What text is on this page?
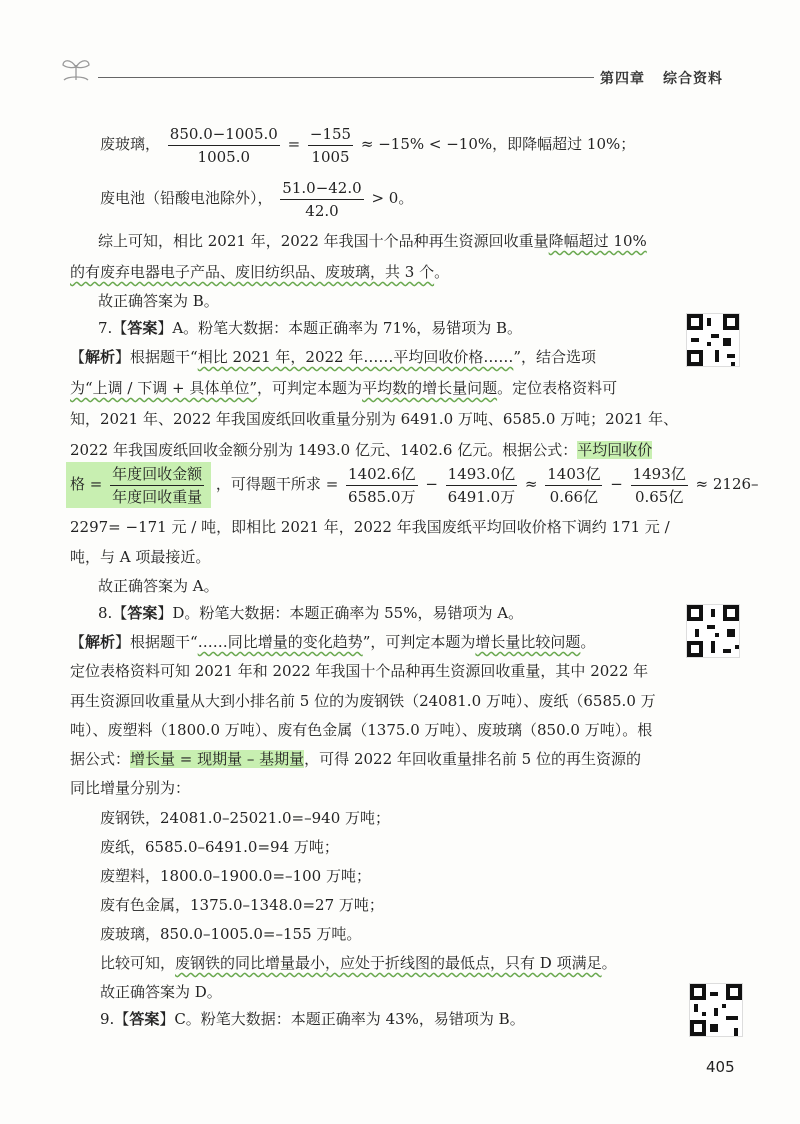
第四章 综合资料
废玻璃， $\frac{850.0-1005.0}{1005.0} = \frac{-155}{1005} \approx -15\% < -10\%$，即降幅超过 10%；
废电池（铅酸电池除外）， $\frac{51.0-42.0}{42.0} > 0$。
综上可知，相比 2021 年，2022 年我国十个品种再生资源回收重量降幅超过 10%
的有废弃电器电子产品、废旧纺织品、废玻璃，共 3 个。
故正确答案为 B。
7.【答案】A。粉笔大数据：本题正确率为 71%，易错项为 B。
【解析】根据题干“相比 2021 年，2022 年……平均回收价格……”，结合选项
为“上调 / 下调 + 具体单位”，可判定本题为平均数的增长量问题。定位表格资料可
知，2021 年、2022 年我国废纸回收重量分别为 6491.0 万吨、6585.0 万吨；2021 年、
2022 年我国废纸回收金额分别为 1493.0 亿元、1402.6 亿元。根据公式：平均回收价
格 = $\frac{\text{年度回收金额}}{\text{年度回收重量}}$ ，可得题干所求 = $\frac{\text{1402.6亿}}{\text{6585.0万}} - \frac{\text{1493.0亿}}{\text{6491.0万}} \approx \frac{\text{1403亿}}{\text{0.66亿}} - \frac{\text{1493亿}}{\text{0.65亿}} \approx 2126-$
2297= −171 元 / 吨，即相比 2021 年，2022 年我国废纸平均回收价格下调约 171 元 /
吨，与 A 项最接近。
故正确答案为 A。
8.【答案】D。粉笔大数据：本题正确率为 55%，易错项为 A。
【解析】根据题干“……同比增量的变化趋势”，可判定本题为增长量比较问题。
定位表格资料可知 2021 年和 2022 年我国十个品种再生资源回收重量，其中 2022 年
再生资源回收重量从大到小排名前 5 位的为废钢铁（24081.0 万吨）、废纸（6585.0 万
吨）、废塑料（1800.0 万吨）、废有色金属（1375.0 万吨）、废玻璃（850.0 万吨）。根
据公式：增长量 = 现期量 – 基期量，可得 2022 年回收重量排名前 5 位的再生资源的
同比增量分别为：
废钢铁，24081.0–25021.0=–940 万吨；
废纸，6585.0–6491.0=94 万吨；
废塑料，1800.0–1900.0=–100 万吨；
废有色金属，1375.0–1348.0=27 万吨；
废玻璃，850.0–1005.0=–155 万吨。
比较可知，废钢铁的同比增量最小，应处于折线图的最低点，只有 D 项满足。
故正确答案为 D。
9.【答案】C。粉笔大数据：本题正确率为 43%，易错项为 B。
405
